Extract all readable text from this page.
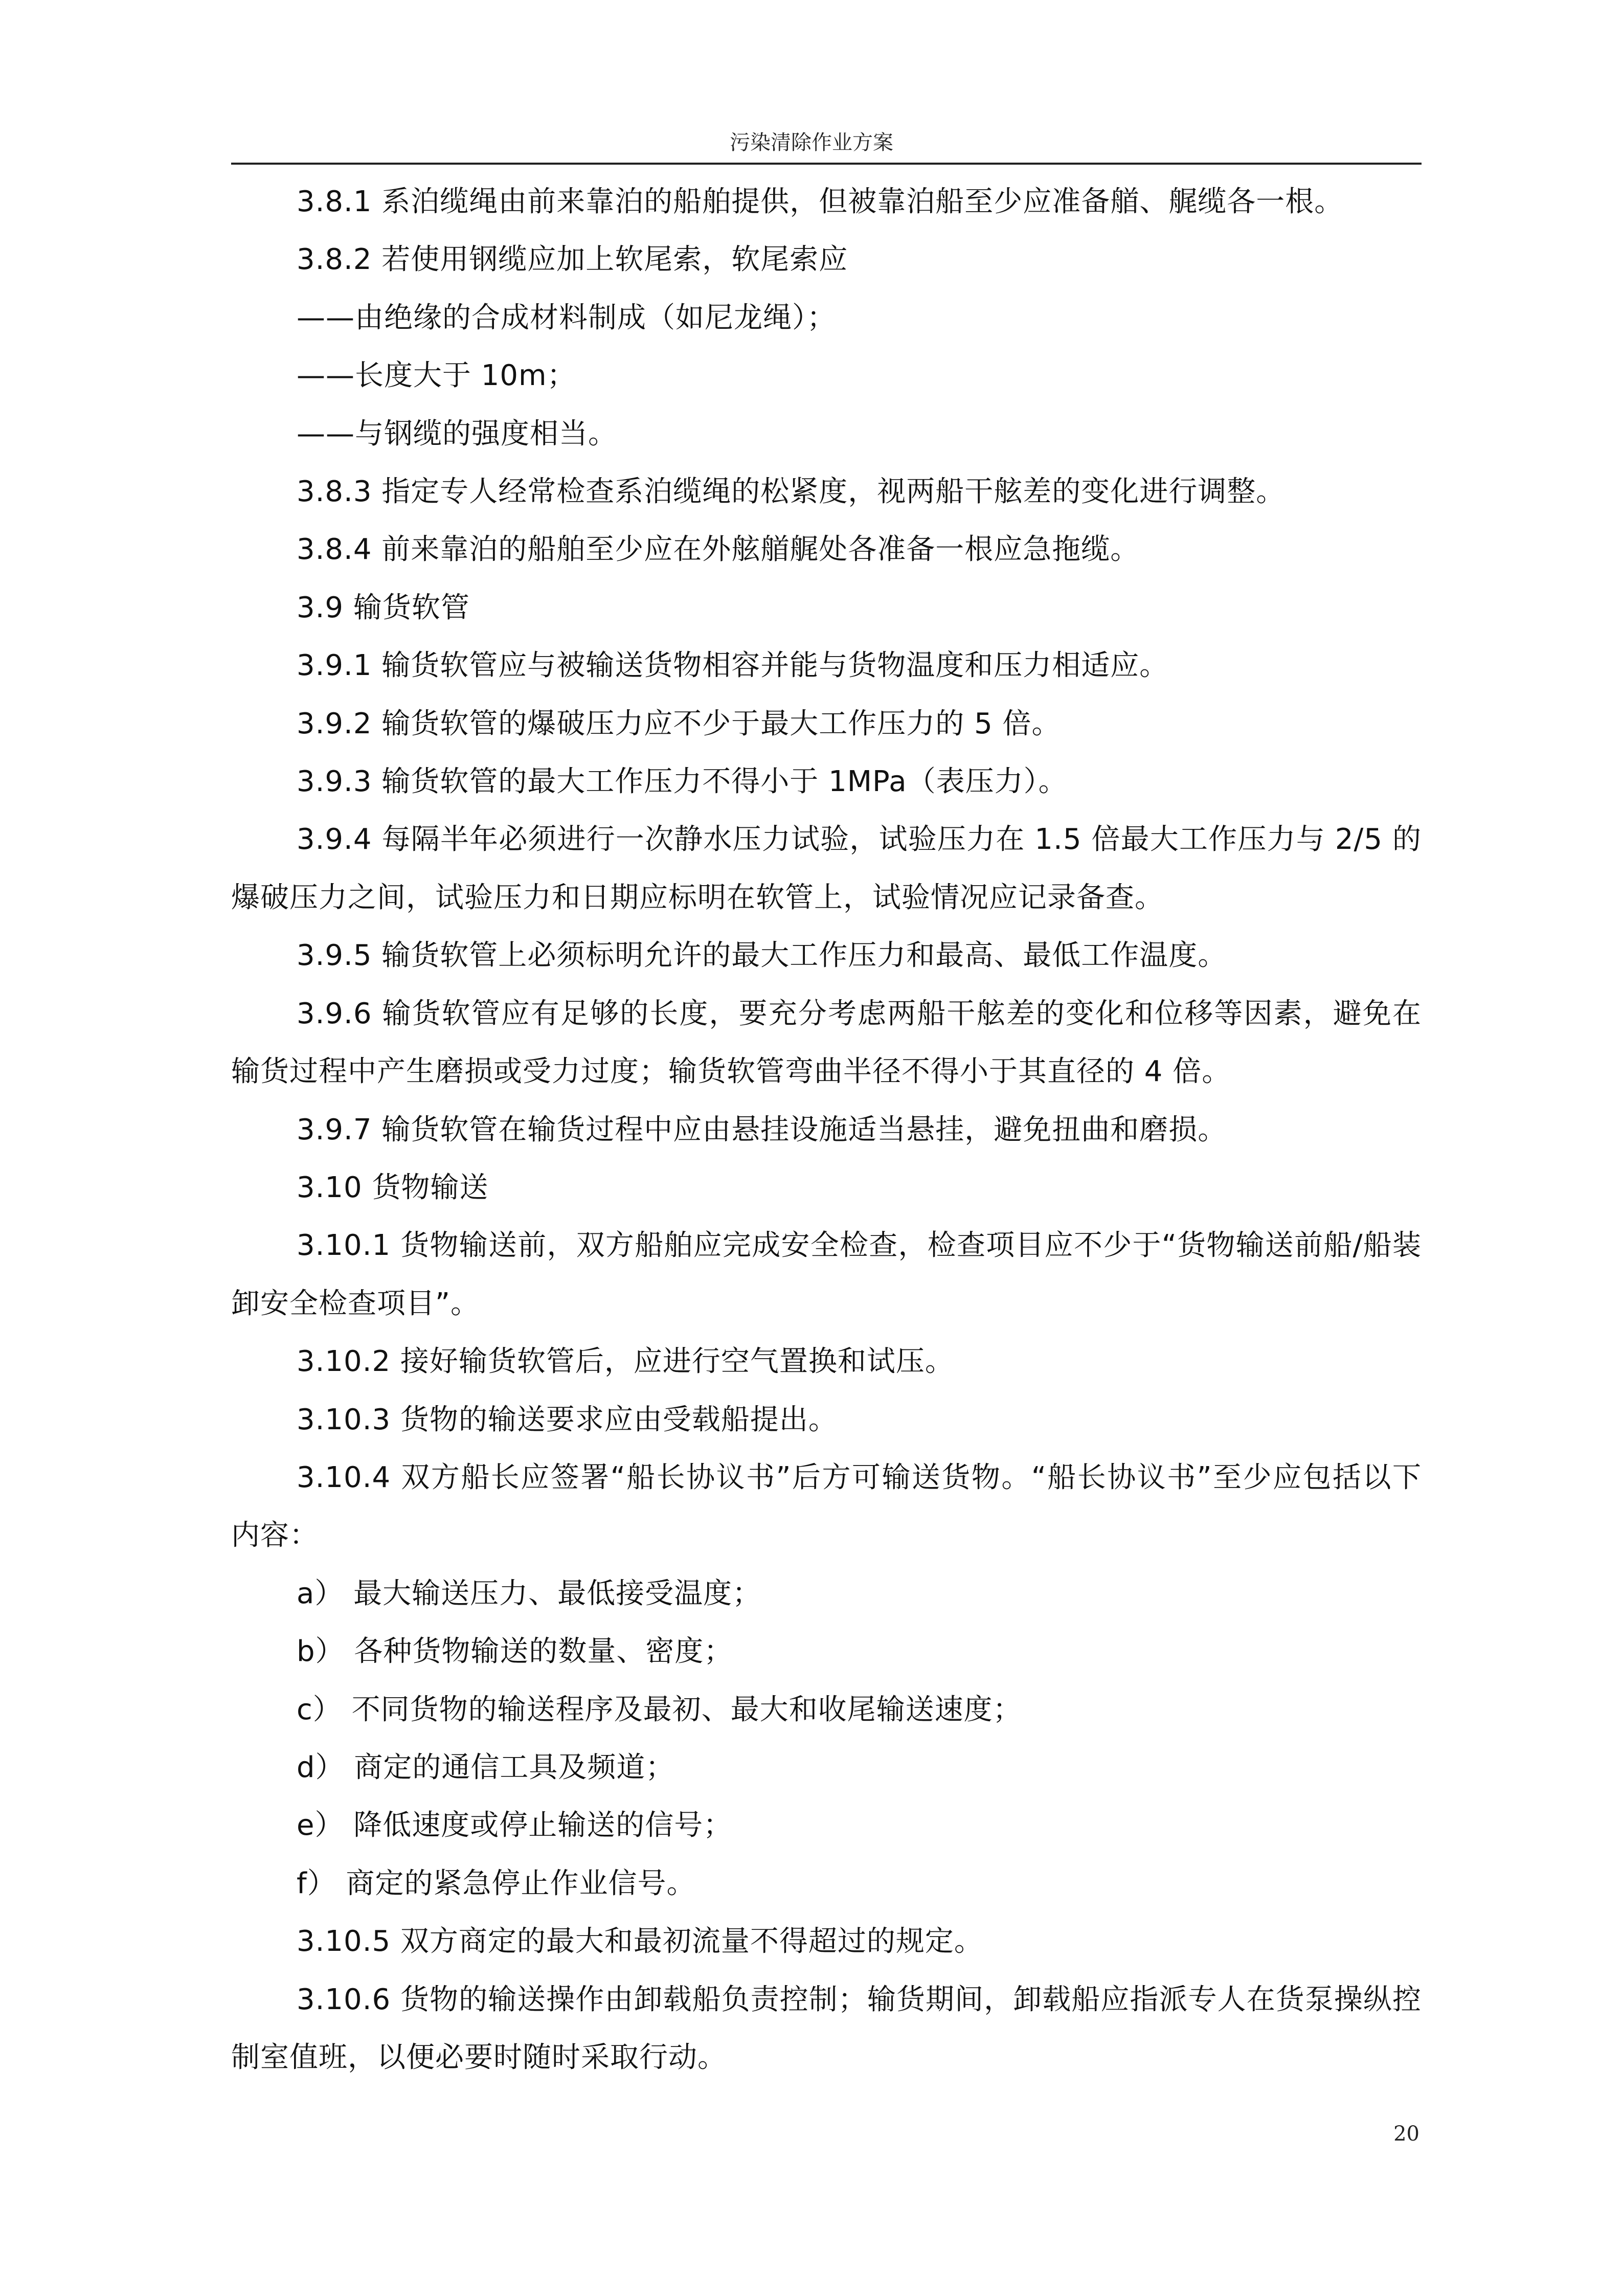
污染清除作业方案

3.8.1 系泊缆绳由前来靠泊的船舶提供，但被靠泊船至少应准备艏、艉缆各一根。

3.8.2 若使用钢缆应加上软尾索，软尾索应

——由绝缘的合成材料制成（如尼龙绳）；

——长度大于 10m；

——与钢缆的强度相当。

3.8.3 指定专人经常检查系泊缆绳的松紧度，视两船干舷差的变化进行调整。

3.8.4 前来靠泊的船舶至少应在外舷艏艉处各准备一根应急拖缆。

3.9 输货软管

3.9.1 输货软管应与被输送货物相容并能与货物温度和压力相适应。

3.9.2 输货软管的爆破压力应不少于最大工作压力的 5 倍。

3.9.3 输货软管的最大工作压力不得小于 1MPa（表压力）。

3.9.4 每隔半年必须进行一次静水压力试验，试验压力在 1.5 倍最大工作压力与 2/5 的爆破压力之间，试验压力和日期应标明在软管上，试验情况应记录备查。

3.9.5 输货软管上必须标明允许的最大工作压力和最高、最低工作温度。

3.9.6 输货软管应有足够的长度，要充分考虑两船干舷差的变化和位移等因素，避免在输货过程中产生磨损或受力过度；输货软管弯曲半径不得小于其直径的 4 倍。

3.9.7 输货软管在输货过程中应由悬挂设施适当悬挂，避免扭曲和磨损。

3.10 货物输送

3.10.1 货物输送前，双方船舶应完成安全检查，检查项目应不少于“货物输送前船/船装卸安全检查项目”。

3.10.2 接好输货软管后，应进行空气置换和试压。

3.10.3 货物的输送要求应由受载船提出。

3.10.4 双方船长应签署“船长协议书”后方可输送货物。“船长协议书”至少应包括以下内容：

a） 最大输送压力、最低接受温度；

b） 各种货物输送的数量、密度；

c） 不同货物的输送程序及最初、最大和收尾输送速度；

d） 商定的通信工具及频道；

e） 降低速度或停止输送的信号；

f） 商定的紧急停止作业信号。

3.10.5 双方商定的最大和最初流量不得超过的规定。

3.10.6 货物的输送操作由卸载船负责控制；输货期间，卸载船应指派专人在货泵操纵控制室值班，以便必要时随时采取行动。

20
